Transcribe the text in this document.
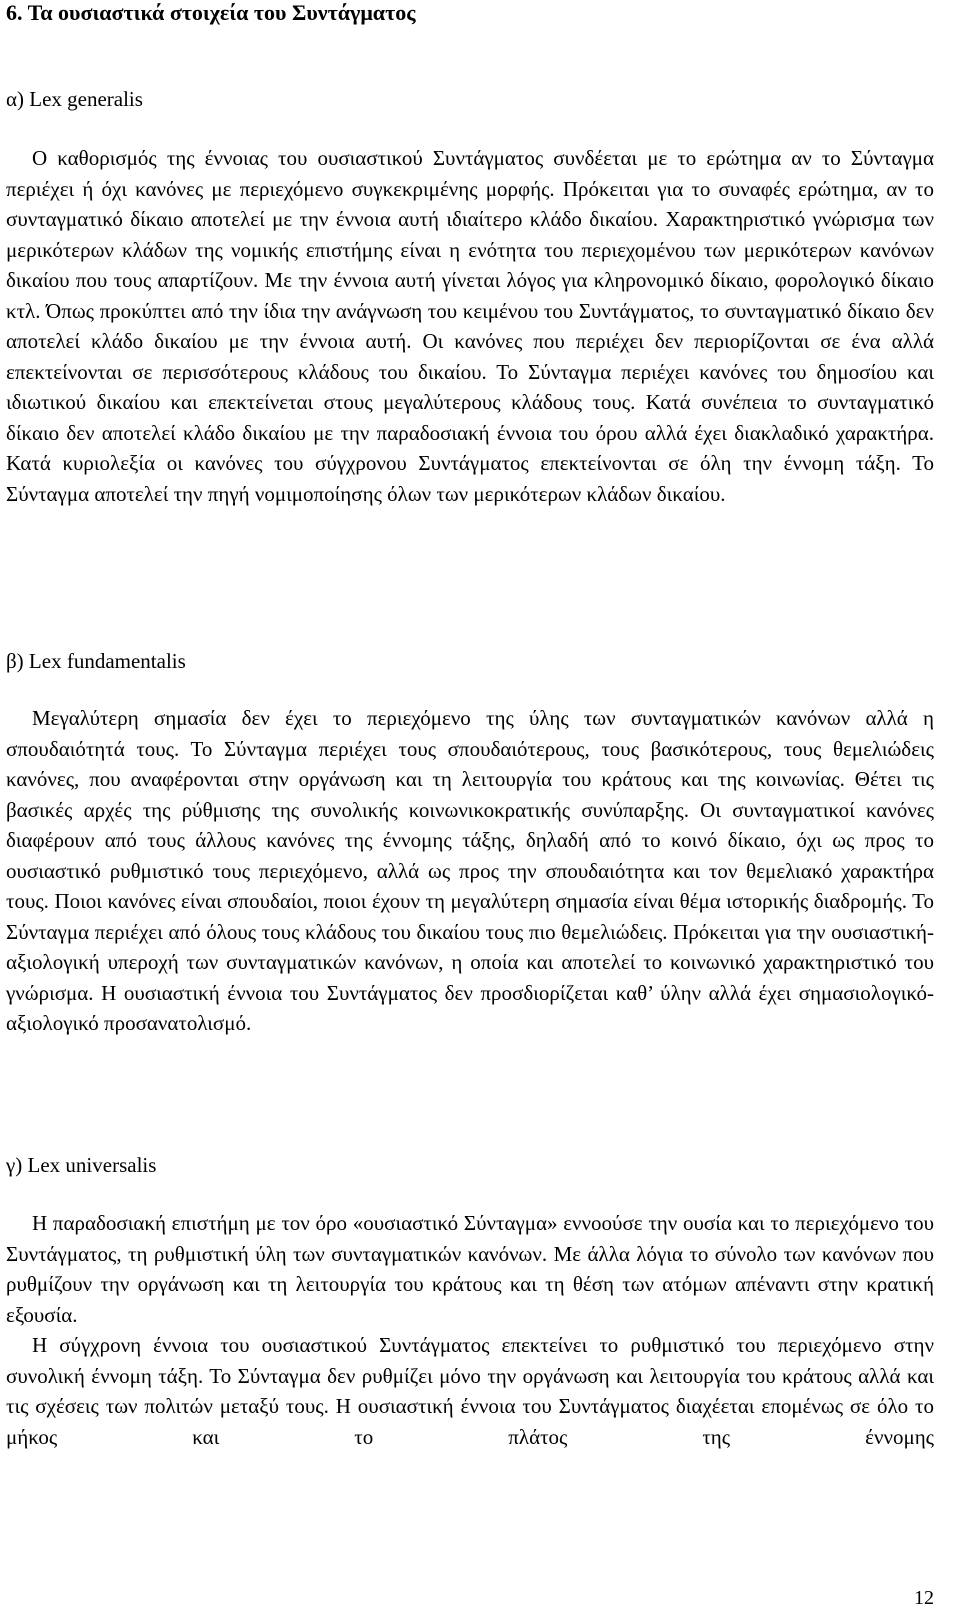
6. Τα ουσιαστικά στοιχεία του Συντάγματος
α) Lex generalis

Ο καθορισμός της έννοιας του ουσιαστικού Συντάγματος συνδέεται με το ερώτημα αν το Σύνταγμα περιέχει ή όχι κανόνες με περιεχόμενο συγκεκριμένης μορφής. Πρόκειται για το συναφές ερώτημα, αν το συνταγματικό δίκαιο αποτελεί με την έννοια αυτή ιδιαίτερο κλάδο δικαίου. Χαρακτηριστικό γνώρισμα των μερικότερων κλάδων της νομικής επιστήμης είναι η ενότητα του περιεχομένου των μερικότερων κανόνων δικαίου που τους απαρτίζουν. Με την έννοια αυτή γίνεται λόγος για κληρονομικό δίκαιο, φορολογικό δίκαιο κτλ. Όπως προκύπτει από την ίδια την ανάγνωση του κειμένου του Συντάγματος, το συνταγματικό δίκαιο δεν αποτελεί κλάδο δικαίου με την έννοια αυτή. Οι κανόνες που περιέχει δεν περιορίζονται σε ένα αλλά επεκτείνονται σε περισσότερους κλάδους του δικαίου. Το Σύνταγμα περιέχει κανόνες του δημοσίου και ιδιωτικού δικαίου και επεκτείνεται στους μεγαλύτερους κλάδους τους. Κατά συνέπεια το συνταγματικό δίκαιο δεν αποτελεί κλάδο δικαίου με την παραδοσιακή έννοια του όρου αλλά έχει διακλαδικό χαρακτήρα. Κατά κυριολεξία οι κανόνες του σύγχρονου Συντάγματος επεκτείνονται σε όλη την έννομη τάξη. Το Σύνταγμα αποτελεί την πηγή νομιμοποίησης όλων των μερικότερων κλάδων δικαίου.

β) Lex fundamentalis

Μεγαλύτερη σημασία δεν έχει το περιεχόμενο της ύλης των συνταγματικών κανόνων αλλά η σπουδαιότητά τους. Το Σύνταγμα περιέχει τους σπουδαιότερους, τους βασικότερους, τους θεμελιώδεις κανόνες, που αναφέρονται στην οργάνωση και τη λειτουργία του κράτους και της κοινωνίας. Θέτει τις βασικές αρχές της ρύθμισης της συνολικής κοινωνικοκρατικής συνύπαρξης. Οι συνταγματικοί κανόνες διαφέρουν από τους άλλους κανόνες της έννομης τάξης, δηλαδή από το κοινό δίκαιο, όχι ως προς το ουσιαστικό ρυθμιστικό τους περιεχόμενο, αλλά ως προς την σπουδαιότητα και τον θεμελιακό χαρακτήρα τους. Ποιοι κανόνες είναι σπουδαίοι, ποιοι έχουν τη μεγαλύτερη σημασία είναι θέμα ιστορικής διαδρομής. Το Σύνταγμα περιέχει από όλους τους κλάδους του δικαίου τους πιο θεμελιώδεις. Πρόκειται για την ουσιαστική-αξιολογική υπεροχή των συνταγματικών κανόνων, η οποία και αποτελεί το κοινωνικό χαρακτηριστικό του γνώρισμα. Η ουσιαστική έννοια του Συντάγματος δεν προσδιορίζεται καθ’ ύλην αλλά έχει σημασιολογικό-αξιολογικό προσανατολισμό.

γ) Lex universalis

Η παραδοσιακή επιστήμη με τον όρο «ουσιαστικό Σύνταγμα» εννοούσε την ουσία και το περιεχόμενο του Συντάγματος, τη ρυθμιστική ύλη των συνταγματικών κανόνων. Με άλλα λόγια το σύνολο των κανόνων που ρυθμίζουν την οργάνωση και τη λειτουργία του κράτους και τη θέση των ατόμων απέναντι στην κρατική εξουσία.

Η σύγχρονη έννοια του ουσιαστικού Συντάγματος επεκτείνει το ρυθμιστικό του περιεχόμενο στην συνολική έννομη τάξη. Το Σύνταγμα δεν ρυθμίζει μόνο την οργάνωση και λειτουργία του κράτους αλλά και τις σχέσεις των πολιτών μεταξύ τους. Η ουσιαστική έννοια του Συντάγματος διαχέεται επομένως σε όλο το μήκος και το πλάτος της έννομης

12
